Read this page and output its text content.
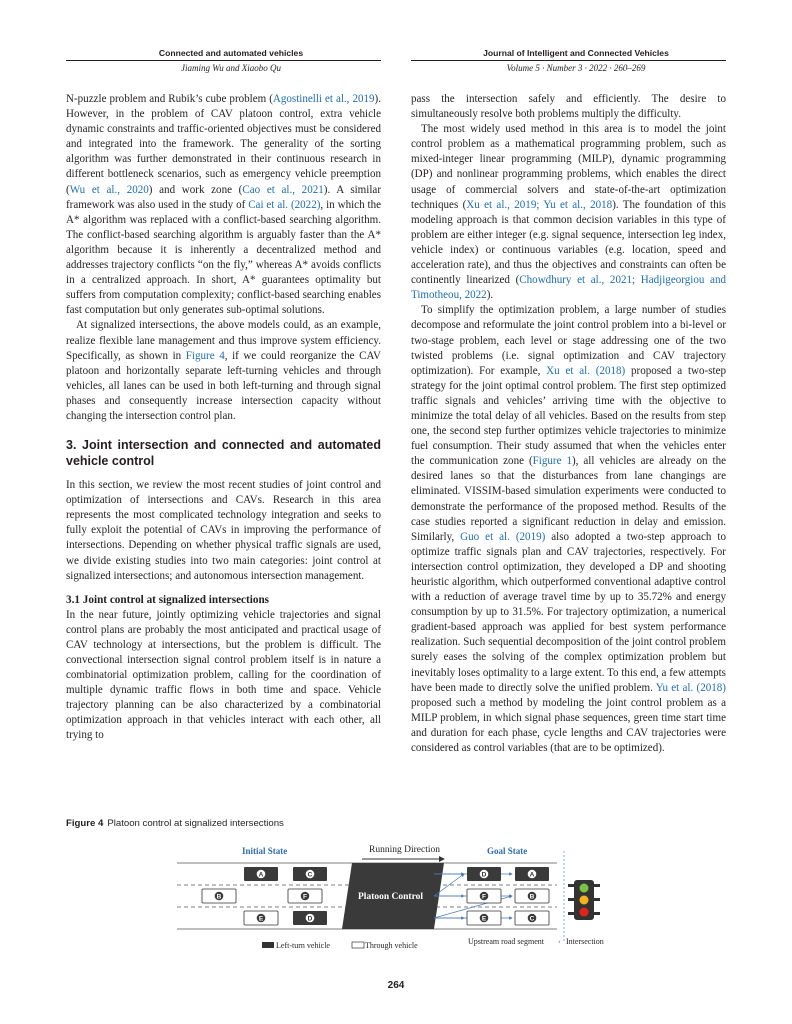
Connected and automated vehicles
Jiaming Wu and Xiaobo Qu
Journal of Intelligent and Connected Vehicles
Volume 5 · Number 3 · 2022 · 260–269

N-puzzle problem and Rubik’s cube problem (Agostinelli et al., 2019). However, in the problem of CAV platoon control, extra vehicle dynamic constraints and traffic-oriented objectives must be considered and integrated into the framework. The generality of the sorting algorithm was further demonstrated in their continuous research in different bottleneck scenarios, such as emergency vehicle preemption (Wu et al., 2020) and work zone (Cao et al., 2021). A similar framework was also used in the study of Cai et al. (2022), in which the A* algorithm was replaced with a conflict-based searching algorithm. The conflict-based searching algorithm is arguably faster than the A* algorithm because it is inherently a decentralized method and addresses trajectory conflicts “on the fly,” whereas A* avoids conflicts in a centralized approach. In short, A* guarantees optimality but suffers from computation complexity; conflict-based searching enables fast computation but only generates sub-optimal solutions.

At signalized intersections, the above models could, as an example, realize flexible lane management and thus improve system efficiency. Specifically, as shown in Figure 4, if we could reorganize the CAV platoon and horizontally separate left-turning vehicles and through vehicles, all lanes can be used in both left-turning and through signal phases and consequently increase intersection capacity without changing the intersection control plan.

3. Joint intersection and connected and automated vehicle control

In this section, we review the most recent studies of joint control and optimization of intersections and CAVs. Research in this area represents the most complicated technology integration and seeks to fully exploit the potential of CAVs in improving the performance of intersections. Depending on whether physical traffic signals are used, we divide existing studies into two main categories: joint control at signalized intersections; and autonomous intersection management.

3.1 Joint control at signalized intersections

In the near future, jointly optimizing vehicle trajectories and signal control plans are probably the most anticipated and practical usage of CAV technology at intersections, but the problem is difficult. The convectional intersection signal control problem itself is in nature a combinatorial optimization problem, calling for the coordination of multiple dynamic traffic flows in both time and space. Vehicle trajectory planning can be also characterized by a combinatorial optimization approach in that vehicles interact with each other, all trying to

pass the intersection safely and efficiently. The desire to simultaneously resolve both problems multiply the difficulty.

The most widely used method in this area is to model the joint control problem as a mathematical programming problem, such as mixed-integer linear programming (MILP), dynamic programming (DP) and nonlinear programming problems, which enables the direct usage of commercial solvers and state-of-the-art optimization techniques (Xu et al., 2019; Yu et al., 2018). The foundation of this modeling approach is that common decision variables in this type of problem are either integer (e.g. signal sequence, intersection leg index, vehicle index) or continuous variables (e.g. location, speed and acceleration rate), and thus the objectives and constraints can often be continently linearized (Chowdhury et al., 2021; Hadjigeorgiou and Timotheou, 2022).

To simplify the optimization problem, a large number of studies decompose and reformulate the joint control problem into a bi-level or two-stage problem, each level or stage addressing one of the two twisted problems (i.e. signal optimization and CAV trajectory optimization). For example, Xu et al. (2018) proposed a two-step strategy for the joint optimal control problem. The first step optimized traffic signals and vehicles’ arriving time with the objective to minimize the total delay of all vehicles. Based on the results from step one, the second step further optimizes vehicle trajectories to minimize fuel consumption. Their study assumed that when the vehicles enter the communication zone (Figure 1), all vehicles are already on the desired lanes so that the disturbances from lane changings are eliminated. VISSIM-based simulation experiments were conducted to demonstrate the performance of the proposed method. Results of the case studies reported a significant reduction in delay and emission. Similarly, Guo et al. (2019) also adopted a two-step approach to optimize traffic signals plan and CAV trajectories, respectively. For intersection control optimization, they developed a DP and shooting heuristic algorithm, which outperformed conventional adaptive control with a reduction of average travel time by up to 35.72% and energy consumption by up to 31.5%. For trajectory optimization, a numerical gradient-based approach was applied for best system performance realization. Such sequential decomposition of the joint control problem surely eases the solving of the complex optimization problem but inevitably loses optimality to a large extent. To this end, a few attempts have been made to directly solve the unified problem. Yu et al. (2018) proposed such a method by modeling the joint control problem as a MILP problem, in which signal phase sequences, green time start time and duration for each phase, cycle lengths and CAV trajectories were considered as control variables (that are to be optimized).

Figure 4 Platoon control at signalized intersections
Initial State	Running Direction	Goal State
Platoon Control
A	C
B	F
E	D
D	A
F	B
E	C
Left-turn vehicle	Through vehicle	Upstream road segment	Intersection
‹
264
